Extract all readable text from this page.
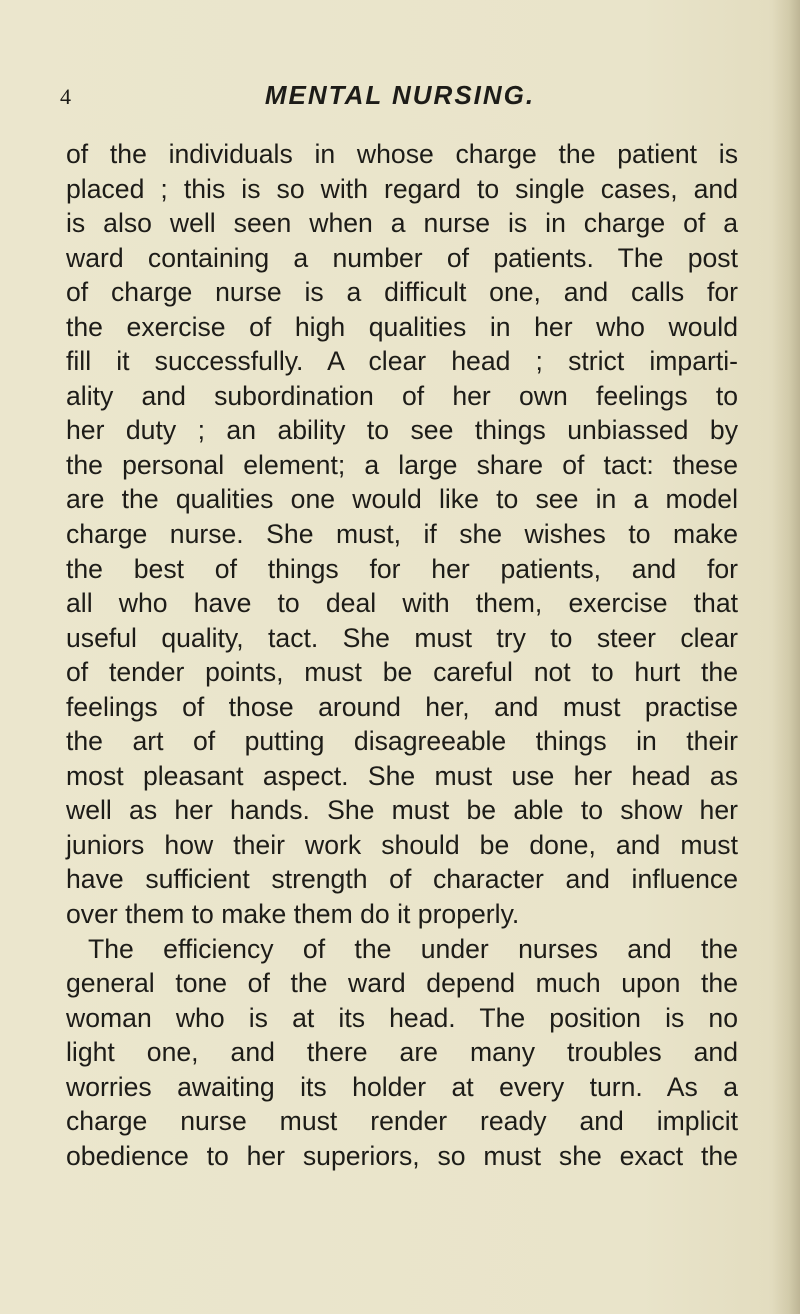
4	MENTAL NURSING.
of the individuals in whose charge the patient is
placed ; this is so with regard to single cases, and
is also well seen when a nurse is in charge of a
ward containing a number of patients. The post
of charge nurse is a difficult one, and calls for
the exercise of high qualities in her who would
fill it successfully. A clear head ; strict imparti-
ality and subordination of her own feelings to
her duty ; an ability to see things unbiassed by
the personal element; a large share of tact: these
are the qualities one would like to see in a model
charge nurse. She must, if she wishes to make
the best of things for her patients, and for
all who have to deal with them, exercise that
useful quality, tact. She must try to steer clear
of tender points, must be careful not to hurt the
feelings of those around her, and must practise
the art of putting disagreeable things in their
most pleasant aspect. She must use her head as
well as her hands. She must be able to show her
juniors how their work should be done, and must
have sufficient strength of character and influence
over them to make them do it properly.
The efficiency of the under nurses and the
general tone of the ward depend much upon the
woman who is at its head. The position is no
light one, and there are many troubles and
worries awaiting its holder at every turn. As a
charge nurse must render ready and implicit
obedience to her superiors, so must she exact the
